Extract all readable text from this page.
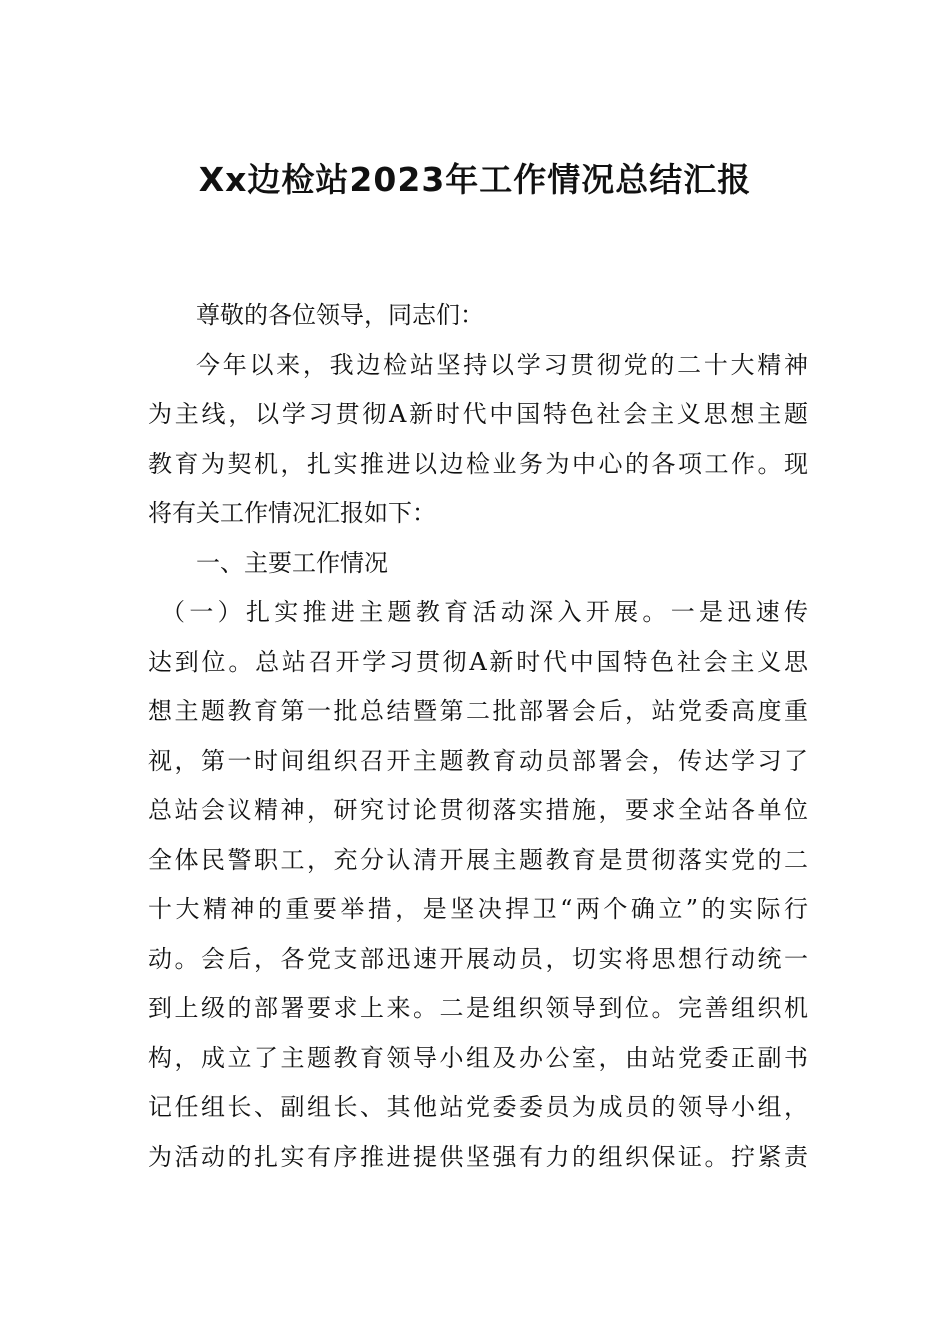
Xx边检站2023年工作情况总结汇报
尊敬的各位领导，同志们：
今年以来，我边检站坚持以学习贯彻党的二十大精神
为主线，以学习贯彻A新时代中国特色社会主义思想主题
教育为契机，扎实推进以边检业务为中心的各项工作。现
将有关工作情况汇报如下：
一、主要工作情况
（一）扎实推进主题教育活动深入开展。一是迅速传
达到位。总站召开学习贯彻A新时代中国特色社会主义思
想主题教育第一批总结暨第二批部署会后，站党委高度重
视，第一时间组织召开主题教育动员部署会，传达学习了
总站会议精神，研究讨论贯彻落实措施，要求全站各单位
全体民警职工，充分认清开展主题教育是贯彻落实党的二
十大精神的重要举措，是坚决捍卫“两个确立”的实际行
动。会后，各党支部迅速开展动员，切实将思想行动统一
到上级的部署要求上来。二是组织领导到位。完善组织机
构，成立了主题教育领导小组及办公室，由站党委正副书
记任组长、副组长、其他站党委委员为成员的领导小组，
为活动的扎实有序推进提供坚强有力的组织保证。拧紧责
